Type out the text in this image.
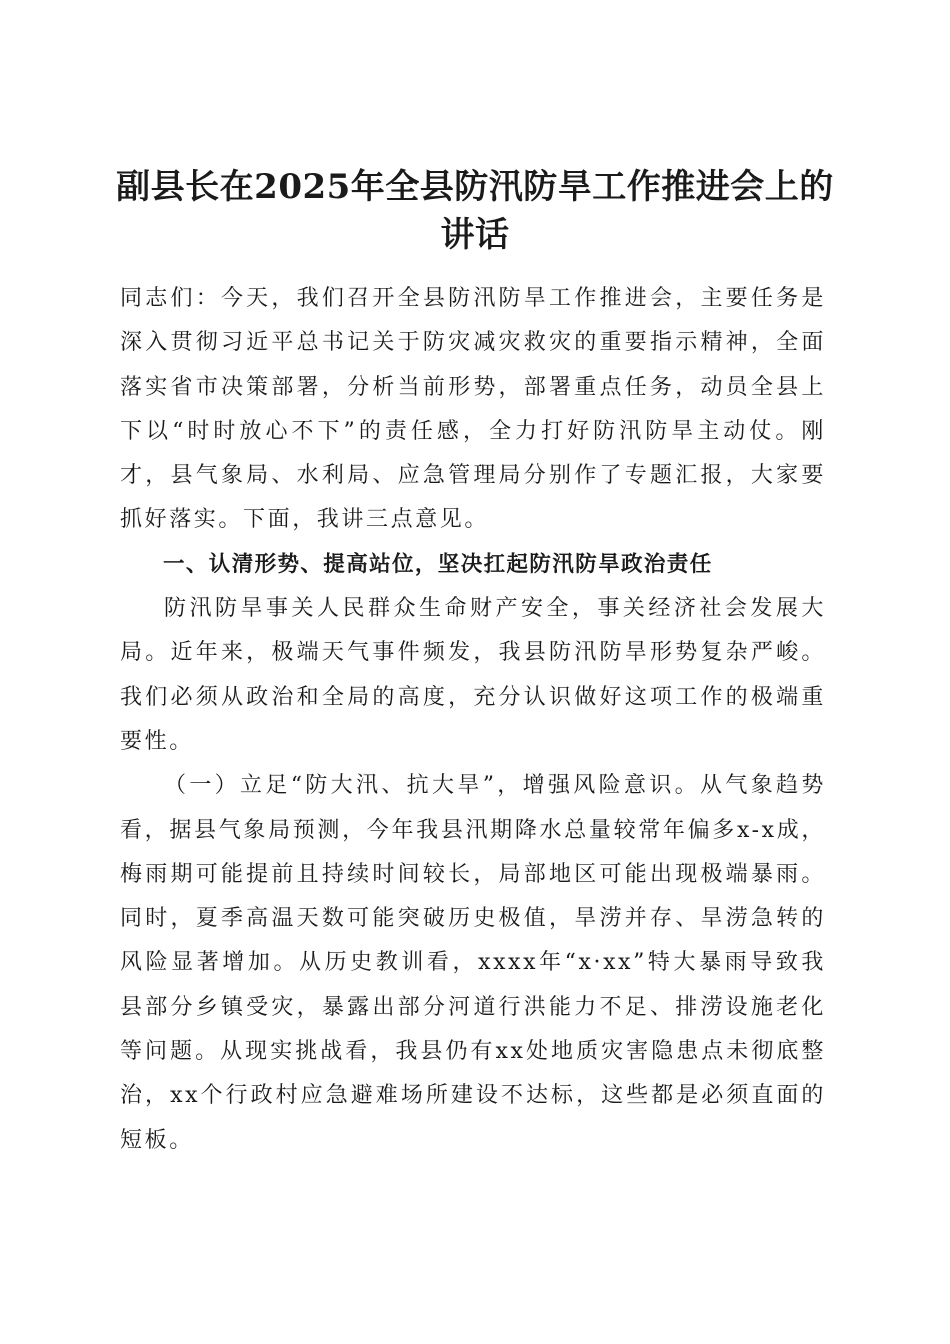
副县长在2025年全县防汛防旱工作推进会上的讲话

同志们：今天，我们召开全县防汛防旱工作推进会，主要任务是深入贯彻习近平总书记关于防灾减灾救灾的重要指示精神，全面落实省市决策部署，分析当前形势，部署重点任务，动员全县上下以“时时放心不下”的责任感，全力打好防汛防旱主动仗。刚才，县气象局、水利局、应急管理局分别作了专题汇报，大家要抓好落实。下面，我讲三点意见。

一、认清形势、提高站位，坚决扛起防汛防旱政治责任

防汛防旱事关人民群众生命财产安全，事关经济社会发展大局。近年来，极端天气事件频发，我县防汛防旱形势复杂严峻。我们必须从政治和全局的高度，充分认识做好这项工作的极端重要性。

（一）立足“防大汛、抗大旱”，增强风险意识。从气象趋势看，据县气象局预测，今年我县汛期降水总量较常年偏多x-x成，梅雨期可能提前且持续时间较长，局部地区可能出现极端暴雨。同时，夏季高温天数可能突破历史极值，旱涝并存、旱涝急转的风险显著增加。从历史教训看，xxxx年“x·xx”特大暴雨导致我县部分乡镇受灾，暴露出部分河道行洪能力不足、排涝设施老化等问题。从现实挑战看，我县仍有xx处地质灾害隐患点未彻底整治，xx个行政村应急避难场所建设不达标，这些都是必须直面的短板。
